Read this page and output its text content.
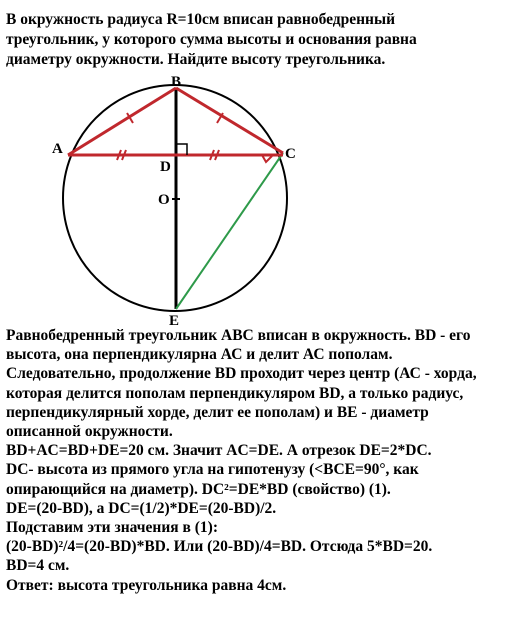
В окружность радиуса R=10см вписан равнобедренный

треугольник, у которого сумма высоты и основания равна

диаметру окружности. Найдите высоту треугольника.

A
B
C
D
O
E

Равнобедренный треугольник АВС вписан в окружность. BD - его

высота, она перпендикулярна АС и делит АС пополам.

Следовательно, продолжение BD проходит через центр (АС - хорда,

которая делится пополам перпендикуляром BD, а только радиус,

перпендикулярный хорде, делит ее пополам) и ВЕ - диаметр

описанной окружности.

BD+AC=BD+DE=20 см. Значит AC=DE. А отрезок DE=2*DC.

DC- высота из прямого угла на гипотенузу (<BCE=90°, как

опирающийся на диаметр). DC²=DE*BD (свойство) (1).

DE=(20-BD), а DC=(1/2)*DE=(20-BD)/2.

Подставим эти значения в (1):

(20-BD)²/4=(20-BD)*BD. Или (20-BD)/4=BD. Отсюда 5*BD=20.

BD=4 см.

Ответ: высота треугольника равна 4см.
